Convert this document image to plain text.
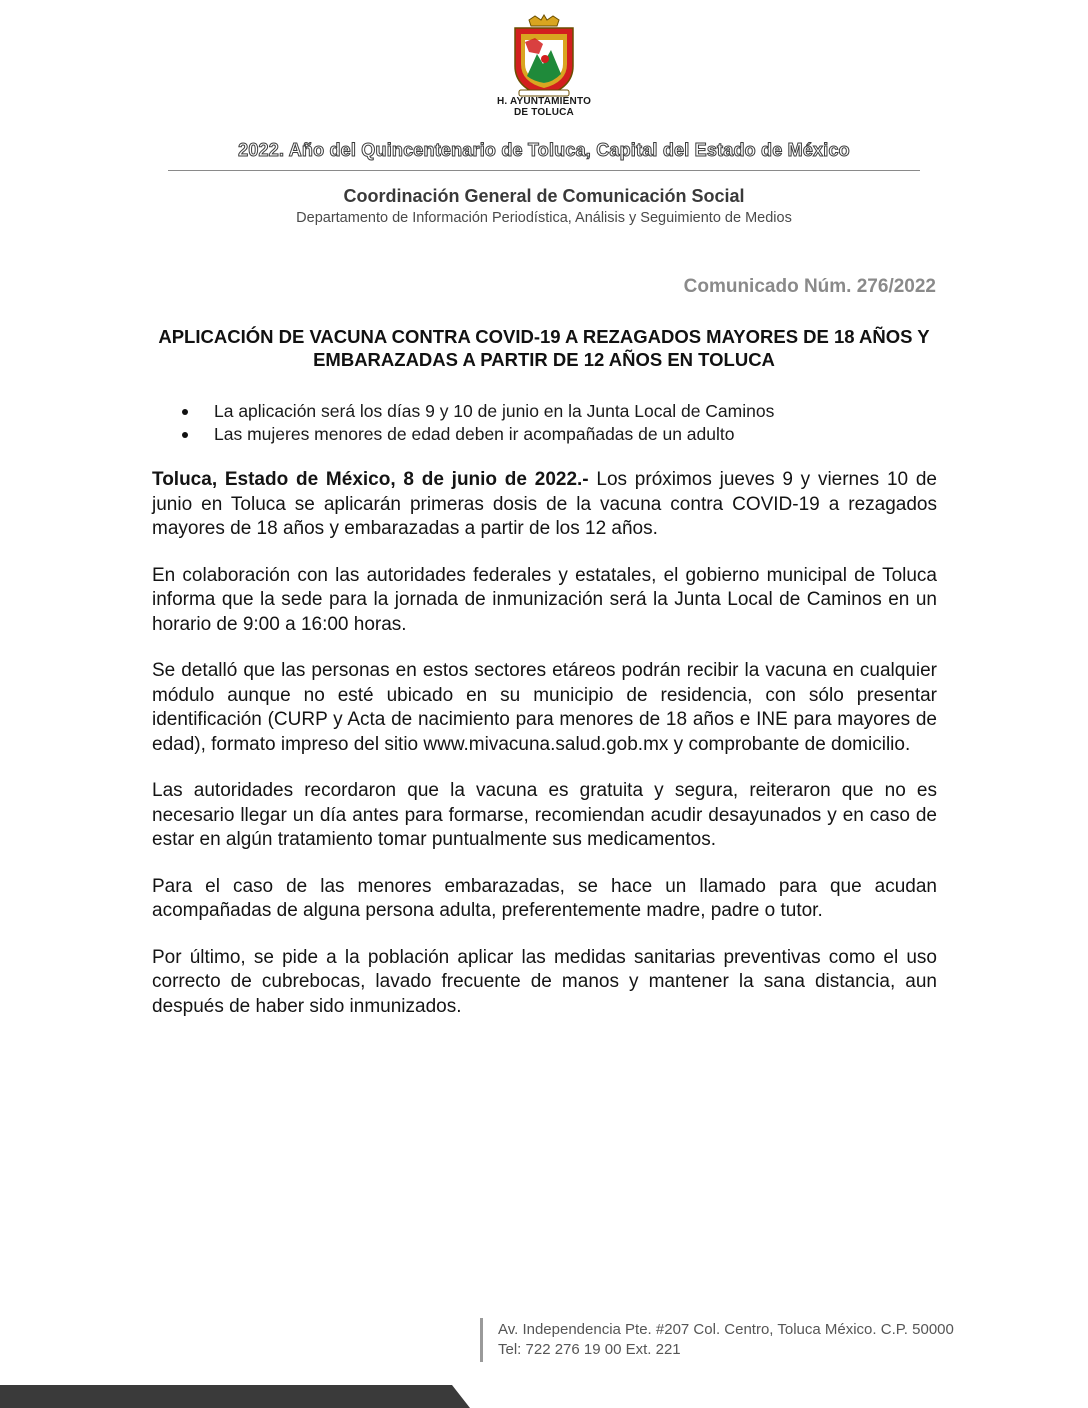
H. AYUNTAMIENTO
DE TOLUCA
2022. Año del Quincentenario de Toluca, Capital del Estado de México
Coordinación General de Comunicación Social
Departamento de Información Periodística, Análisis y Seguimiento de Medios
Comunicado Núm. 276/2022
APLICACIÓN DE VACUNA CONTRA COVID-19 A REZAGADOS MAYORES DE 18 AÑOS Y EMBARAZADAS A PARTIR DE 12 AÑOS EN TOLUCA
La aplicación será los días 9 y 10 de junio en la Junta Local de Caminos
Las mujeres menores de edad deben ir acompañadas de un adulto

Toluca, Estado de México, 8 de junio de 2022.- Los próximos jueves 9 y viernes 10 de junio en Toluca se aplicarán primeras dosis de la vacuna contra COVID-19 a rezagados mayores de 18 años y embarazadas a partir de los 12 años.

En colaboración con las autoridades federales y estatales, el gobierno municipal de Toluca informa que la sede para la jornada de inmunización será la Junta Local de Caminos en un horario de 9:00 a 16:00 horas.

Se detalló que las personas en estos sectores etáreos podrán recibir la vacuna en cualquier módulo aunque no esté ubicado en su municipio de residencia, con sólo presentar identificación (CURP y Acta de nacimiento para menores de 18 años e INE para mayores de edad), formato impreso del sitio www.mivacuna.salud.gob.mx y comprobante de domicilio.

Las autoridades recordaron que la vacuna es gratuita y segura, reiteraron que no es necesario llegar un día antes para formarse, recomiendan acudir desayunados y en caso de estar en algún tratamiento tomar puntualmente sus medicamentos.

Para el caso de las menores embarazadas, se hace un llamado para que acudan acompañadas de alguna persona adulta, preferentemente madre, padre o tutor.

Por último, se pide a la población aplicar las medidas sanitarias preventivas como el uso correcto de cubrebocas, lavado frecuente de manos y mantener la sana distancia, aun después de haber sido inmunizados.

Av. Independencia Pte. #207 Col. Centro, Toluca México. C.P. 50000
Tel: 722 276 19 00 Ext. 221
